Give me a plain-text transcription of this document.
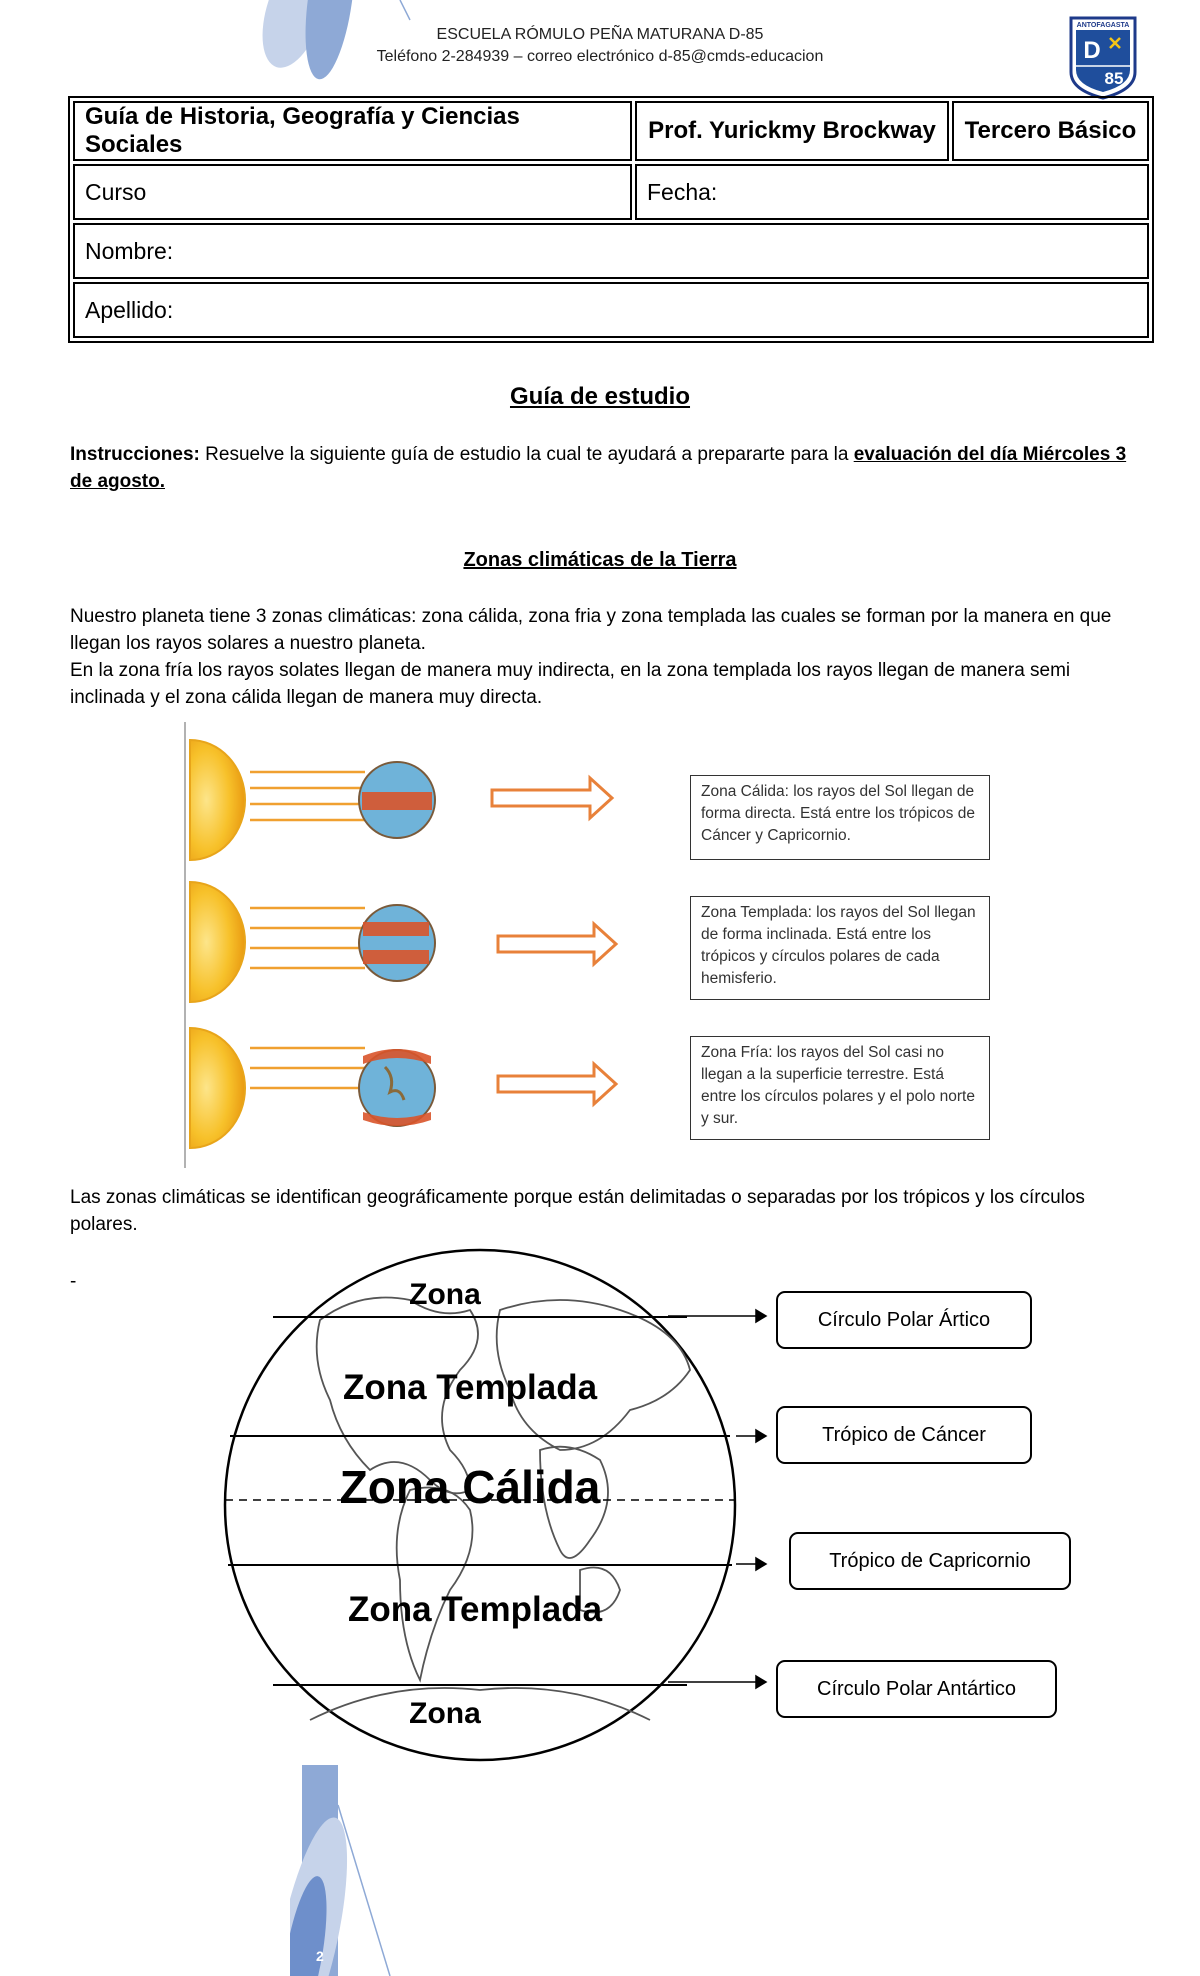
ESCUELA RÓMULO PEÑA MATURANA D-85
Teléfono 2-284939 – correo electrónico d-85@cmds-educacion
ANTOFAGASTA
D
85
Guía de Historia, Geografía y Ciencias Sociales	Prof. Yurickmy Brockway	Tercero Básico
Curso	Fecha:	
Nombre:		
Apellido:		
Guía de estudio
Instrucciones: Resuelve la siguiente guía de estudio la cual te ayudará a prepararte para la evaluación del día Miércoles 3 de agosto.
Zonas climáticas de la Tierra
Nuestro planeta tiene 3 zonas climáticas: zona cálida, zona fria y zona templada las cuales se forman por la manera en que llegan los rayos solares a nuestro planeta.
En la zona fría los rayos solates llegan de manera muy indirecta, en la zona templada los rayos llegan de manera semi inclinada y el zona cálida llegan de manera muy directa.
Zona Cálida: los rayos del Sol llegan de forma directa. Está entre los trópicos de Cáncer y Capricornio.
Zona Templada: los rayos del Sol llegan de forma inclinada. Está entre los trópicos y círculos polares de cada hemisferio.
Zona Fría: los rayos del Sol casi no llegan a la superficie terrestre. Está entre los círculos polares y el polo norte y sur.
Las zonas climáticas se identifican geográficamente porque están delimitadas o separadas por los trópicos y los círculos polares.
-	Zona
Zona Templada
Zona Cálida
Zona Templada
Zona
Círculo Polar Ártico
Trópico de Cáncer
Trópico de Capricornio
Círculo Polar Antártico
2
